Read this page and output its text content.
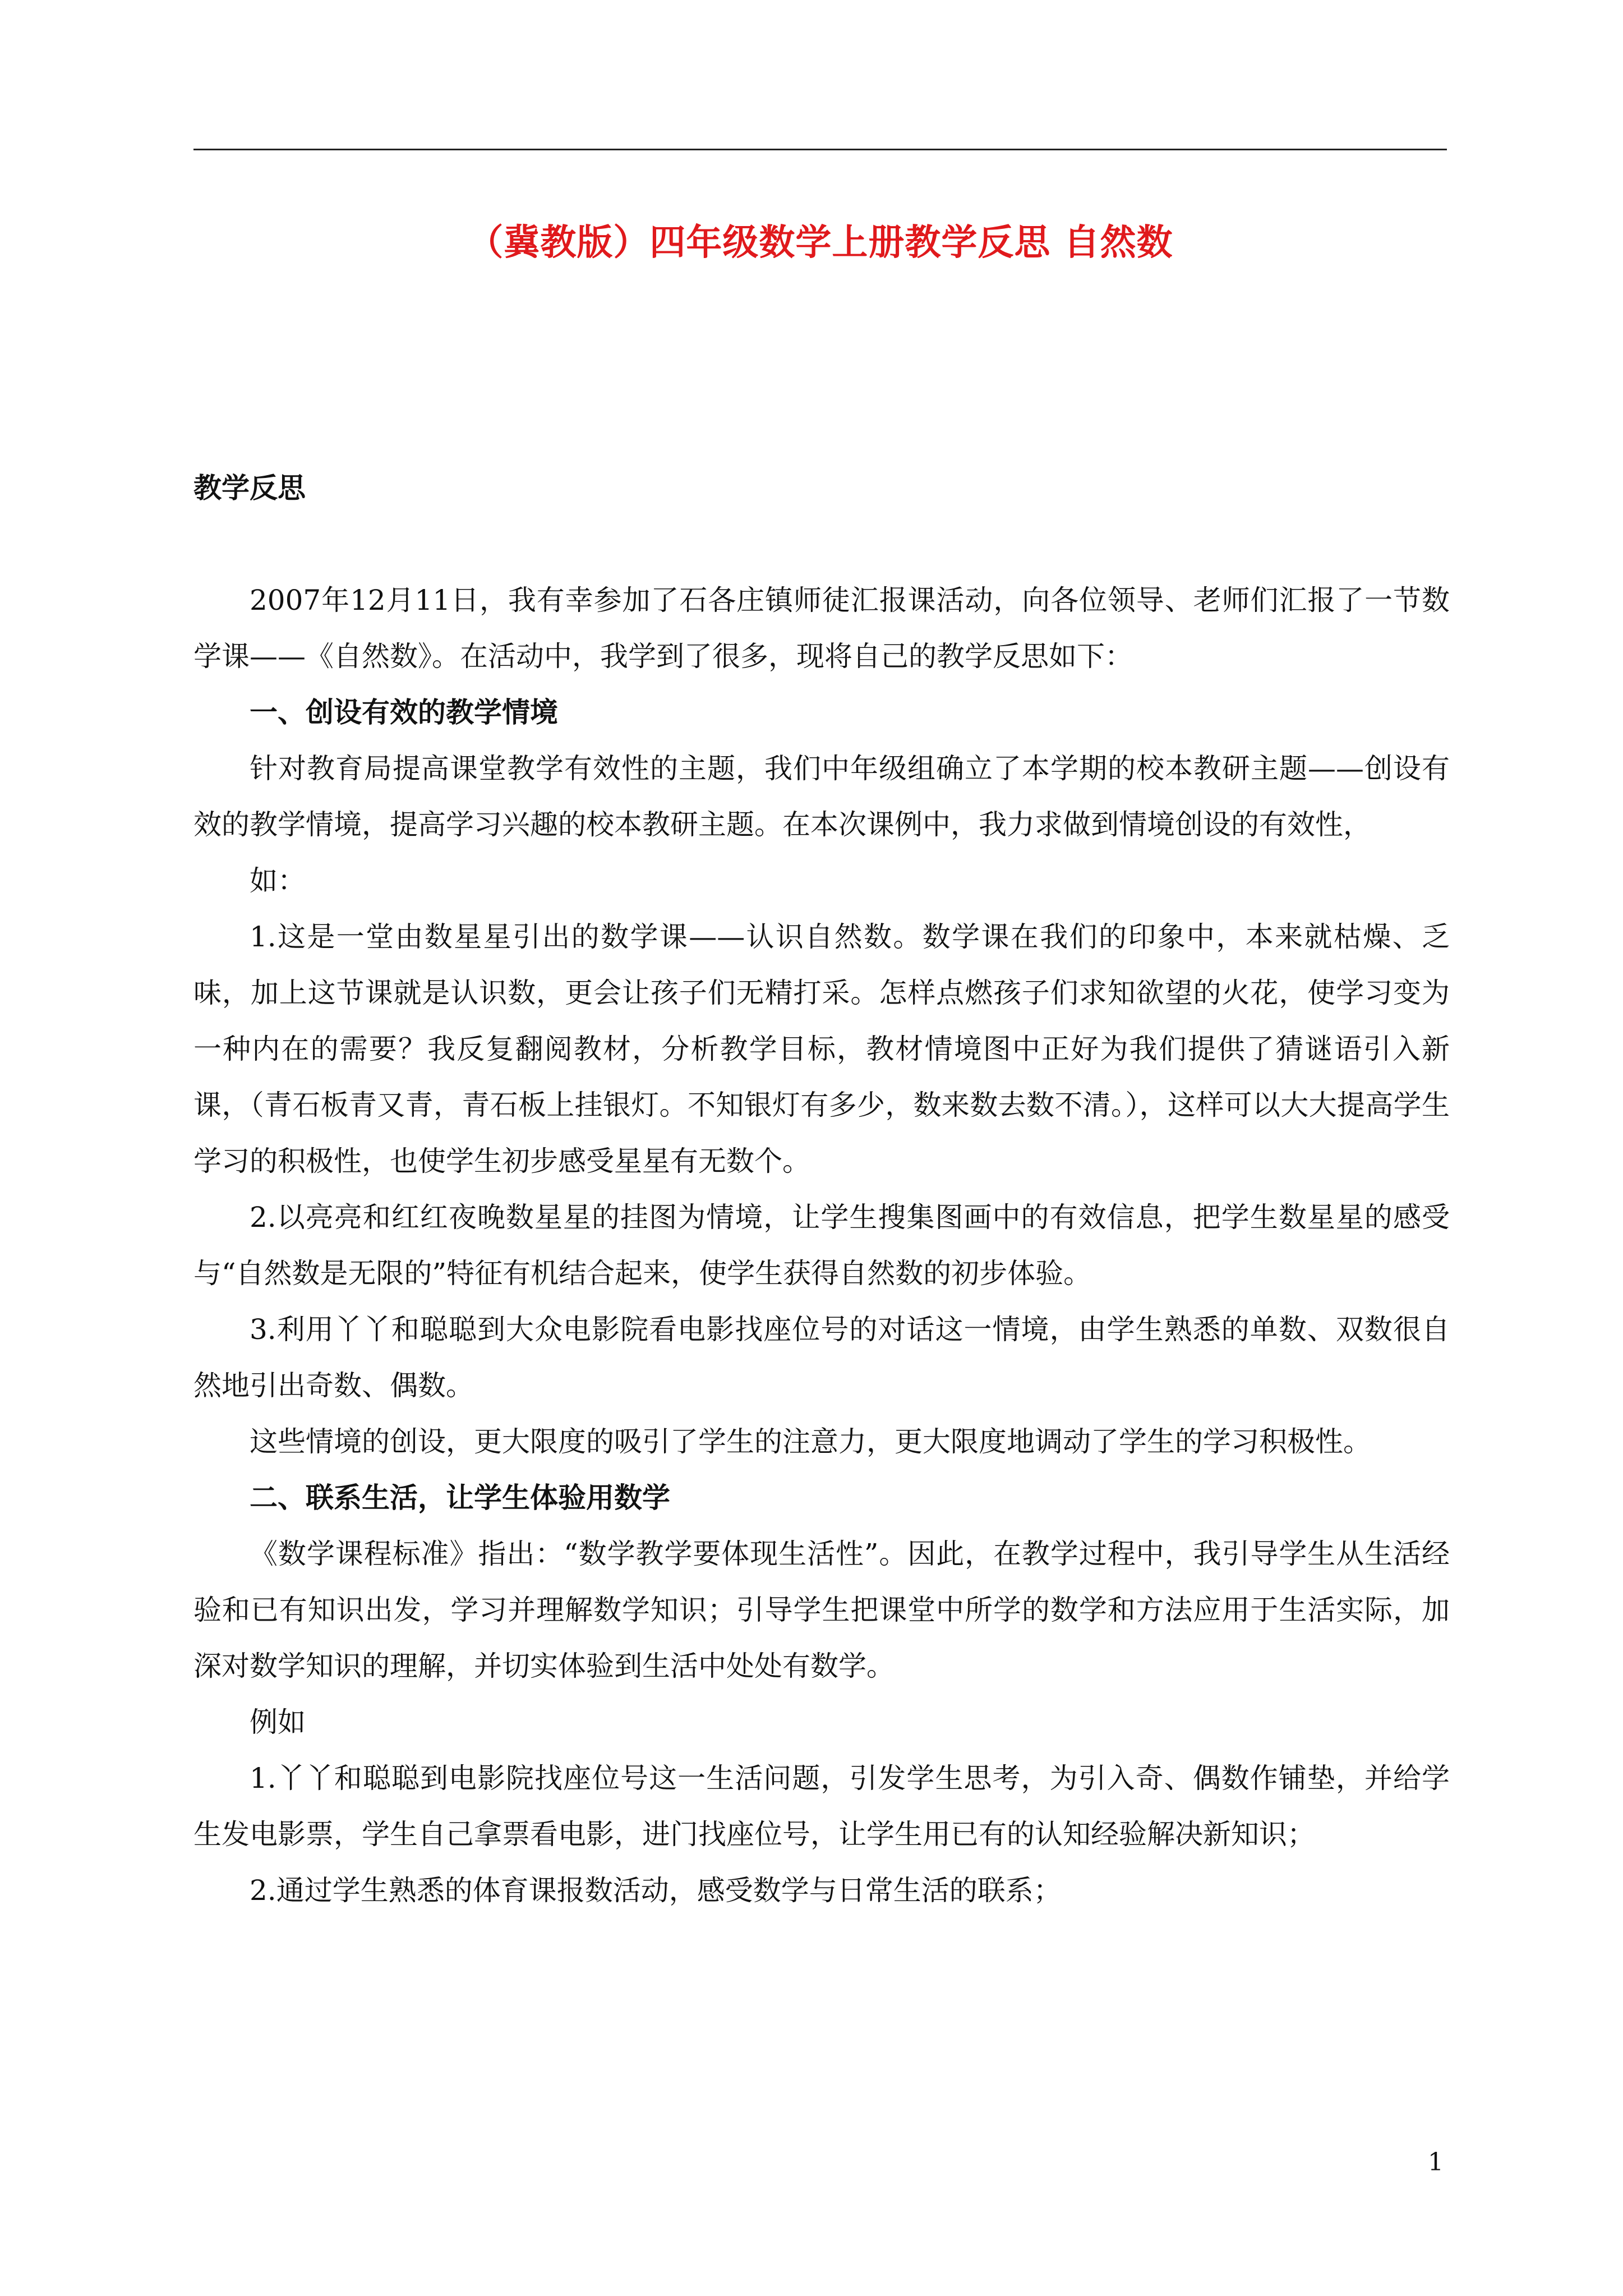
（冀教版）四年级数学上册教学反思 自然数

教学反思

2007年12月11日，我有幸参加了石各庄镇师徒汇报课活动，向各位领导、老师们汇报了一节数学课——《自然数》。在活动中，我学到了很多，现将自己的教学反思如下：

一、创设有效的教学情境

针对教育局提高课堂教学有效性的主题，我们中年级组确立了本学期的校本教研主题——创设有效的教学情境，提高学习兴趣的校本教研主题。在本次课例中，我力求做到情境创设的有效性，

如：

1.这是一堂由数星星引出的数学课——认识自然数。数学课在我们的印象中，本来就枯燥、乏味，加上这节课就是认识数，更会让孩子们无精打采。怎样点燃孩子们求知欲望的火花，使学习变为一种内在的需要？我反复翻阅教材，分析教学目标，教材情境图中正好为我们提供了猜谜语引入新课，（青石板青又青，青石板上挂银灯。不知银灯有多少，数来数去数不清。），这样可以大大提高学生学习的积极性，也使学生初步感受星星有无数个。

2.以亮亮和红红夜晚数星星的挂图为情境，让学生搜集图画中的有效信息，把学生数星星的感受与“自然数是无限的”特征有机结合起来，使学生获得自然数的初步体验。

3.利用丫丫和聪聪到大众电影院看电影找座位号的对话这一情境，由学生熟悉的单数、双数很自然地引出奇数、偶数。

这些情境的创设，更大限度的吸引了学生的注意力，更大限度地调动了学生的学习积极性。

二、联系生活，让学生体验用数学

《数学课程标准》指出：“数学教学要体现生活性”。因此，在教学过程中，我引导学生从生活经验和已有知识出发，学习并理解数学知识；引导学生把课堂中所学的数学和方法应用于生活实际，加深对数学知识的理解，并切实体验到生活中处处有数学。

例如

1.丫丫和聪聪到电影院找座位号这一生活问题，引发学生思考，为引入奇、偶数作铺垫，并给学生发电影票，学生自己拿票看电影，进门找座位号，让学生用已有的认知经验解决新知识；

2.通过学生熟悉的体育课报数活动，感受数学与日常生活的联系；

1
